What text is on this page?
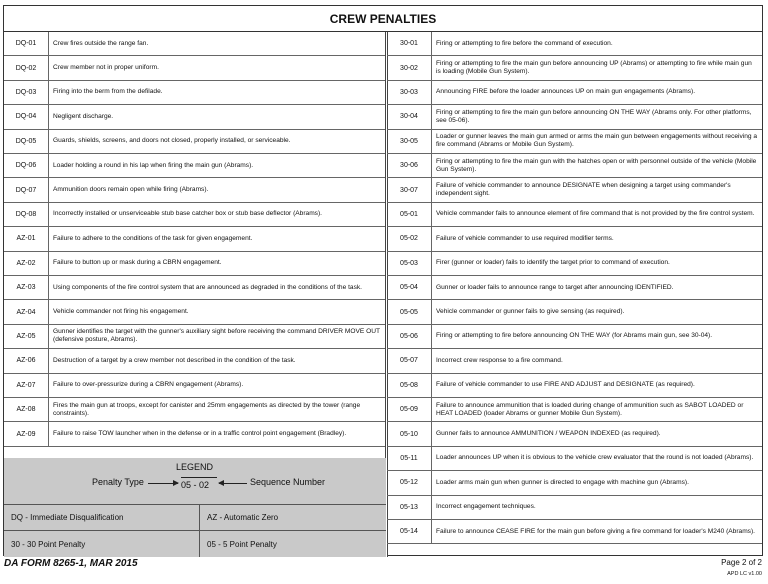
CREW PENALTIES
DQ-01	Crew fires outside the range fan.
DQ-02	Crew member not in proper uniform.
DQ-03	Firing into the berm from the defilade.
DQ-04	Negligent discharge.
DQ-05	Guards, shields, screens, and doors not closed, properly installed, or serviceable.
DQ-06	Loader holding a round in his lap when firing the main gun (Abrams).
DQ-07	Ammunition doors remain open while firing (Abrams).
DQ-08	Incorrectly installed or unserviceable stub base catcher box or stub base deflector (Abrams).
AZ-01	Failure to adhere to the conditions of the task for given engagement.
AZ-02	Failure to button up or mask during a CBRN engagement.
AZ-03	Using components of the fire control system that are announced as degraded in the conditions of the task.
AZ-04	Vehicle commander not firing his engagement.
AZ-05
Gunner identifies the target with the gunner's auxiliary sight before receiving the command DRIVER MOVE OUT (defensive posture, Abrams).
AZ-06	Destruction of a target by a crew member not described in the condition of the task.
AZ-07	Failure to over-pressurize during a CBRN engagement (Abrams).
AZ-08
Fires the main gun at troops, except for canister and 25mm engagements as directed by the tower (range constraints).
AZ-09	Failure to raise TOW launcher when in the defense or in a traffic control point engagement (Bradley).
30-01	Firing or attempting to fire before the command of execution.
30-02
Firing or attempting to fire the main gun before announcing UP (Abrams) or attempting to fire while main gun is loading (Mobile Gun System).
30-03	Announcing FIRE before the loader announces UP on main gun engagements (Abrams).
30-04
Firing or attempting to fire the main gun before announcing ON THE WAY (Abrams only. For other platforms, see 05-06).
30-05
Loader or gunner leaves the main gun armed or arms the main gun between engagements without receiving a fire command (Abrams or Mobile Gun System).
30-06
Firing or attempting to fire the main gun with the hatches open or with personnel outside of the vehicle (Mobile Gun System).
30-07
Failure of vehicle commander to announce DESIGNATE when designing a target using commander's independent sight.
05-01	Vehicle commander fails to announce element of fire command that is not provided by the fire control system.
05-02	Failure of vehicle commander to use required modifier terms.
05-03	Firer (gunner or loader) fails to identify the target prior to command of execution.
05-04	Gunner or loader fails to announce range to target after announcing IDENTIFIED.
05-05	Vehicle commander or gunner fails to give sensing (as required).
05-06	Firing or attempting to fire before announcing ON THE WAY (for Abrams main gun, see 30-04).
05-07	Incorrect crew response to a fire command.
05-08	Failure of vehicle commander to use FIRE AND ADJUST and DESIGNATE (as required).
05-09
Failure to announce ammunition that is loaded during change of ammunition such as SABOT LOADED or HEAT LOADED (loader Abrams or gunner Mobile Gun System).
05-10	Gunner fails to announce AMMUNITION / WEAPON INDEXED (as required).
05-11	Loader announces UP when it is obvious to the vehicle crew evaluator that the round is not loaded (Abrams).
05-12	Loader arms main gun when gunner is directed to engage with machine gun (Abrams).
05-13	Incorrect engagement techniques.
05-14	Failure to announce CEASE FIRE for the main gun before giving a fire command for loader's M240 (Abrams).
LEGEND
Penalty Type	05 - 02	Sequence Number
DQ - Immediate Disqualification	AZ - Automatic Zero
30 - 30 Point Penalty	05 - 5 Point Penalty
DA FORM 8265-1, MAR 2015	Page 2 of 2
APD LC v1.00
